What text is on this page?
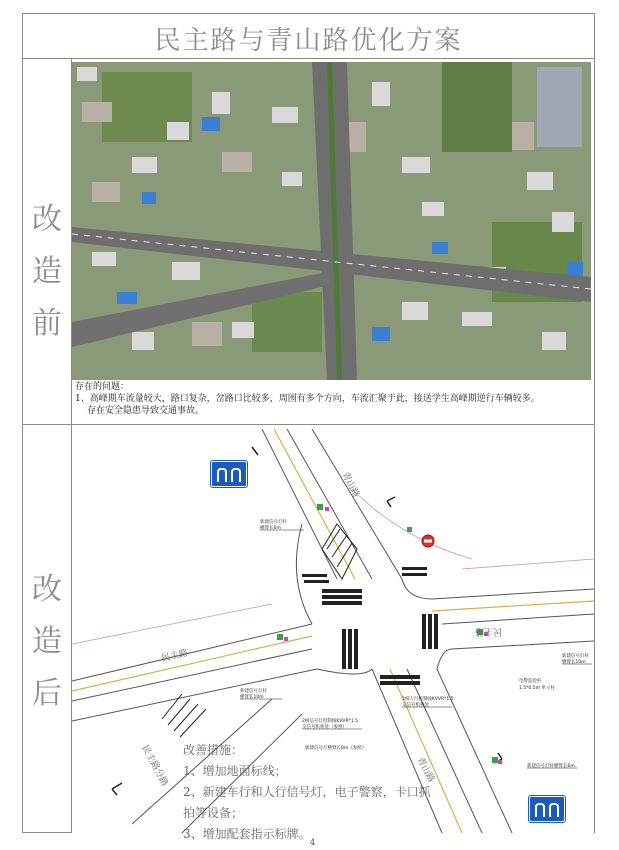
民主路与青山路优化方案
改
造
前
改
造
后
存在的问题：
1、高峰期车流量较大，路口复杂，岔路口比较多，周围有多个方向，车流汇聚于此，接送学生高峰期逆行车辆较多。
存在安全隐患导致交通事故。
青山路
青山路
民主路
民主路
民主路分路
新建信号灯杆
横臂长6m
新建信号灯杆
横臂长10m
2根信号灯控制线KVVR*1.5
交信号机柜处（参照）
新建信号灯横臂长8m（参照）
1根人行控制线KVVR*1.5
交信号机柜处
新建信号灯杆
横臂长10m
电警监控杆
1.5*0.5m 单立柱
新建信号灯杆横臂长6m
改善措施：
1、增加地面标线；
2、新建车行和人行信号灯，电子警察，卡口抓
拍等设备；
3、增加配套指示标牌。
4
